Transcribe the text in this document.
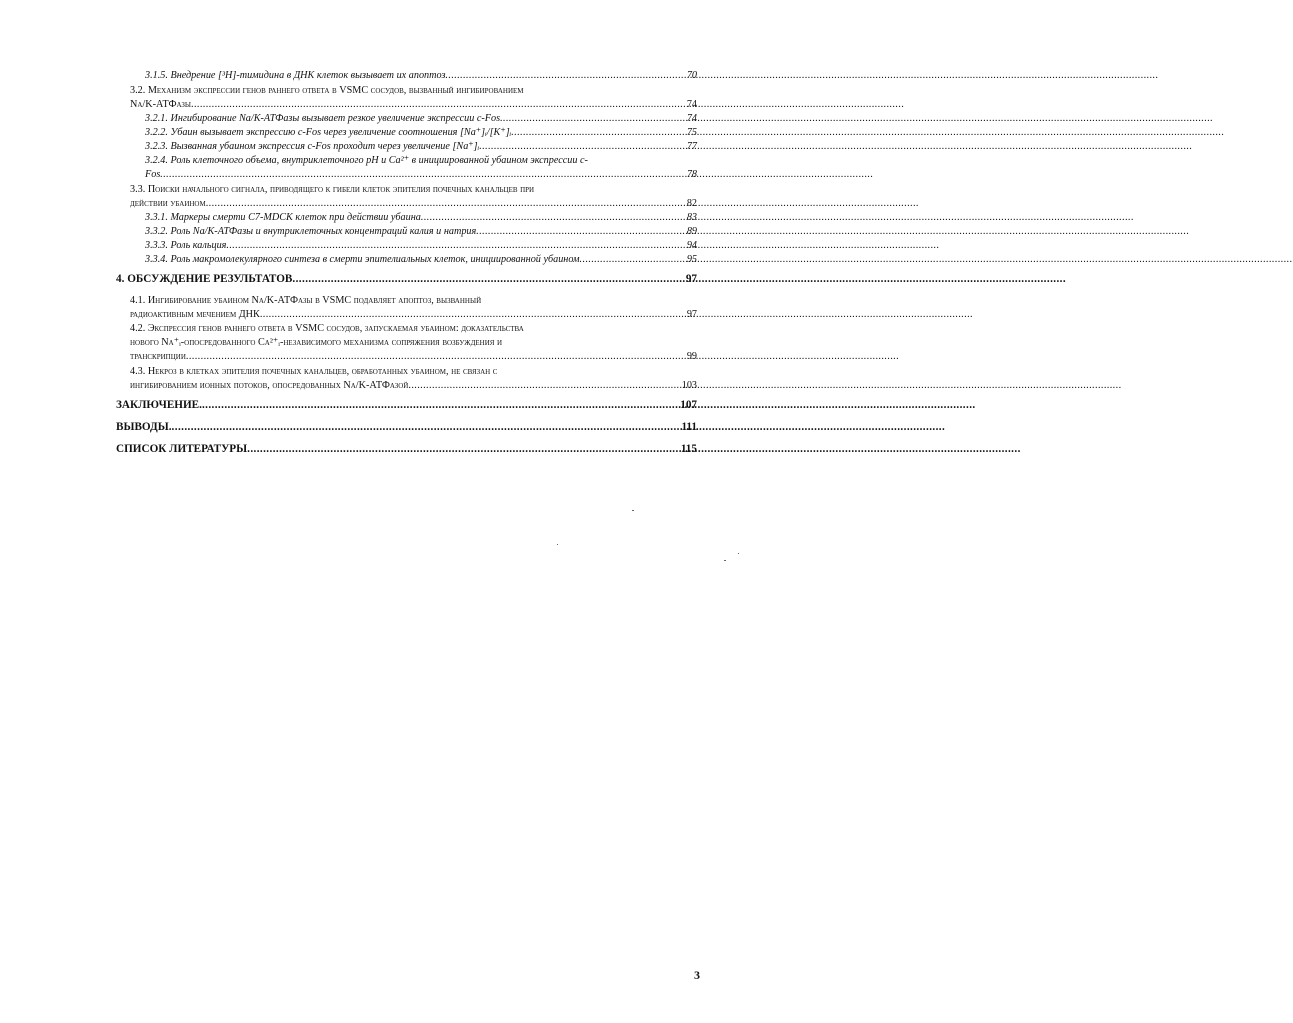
3.1.5. Внедрение [³H]-тимидина в ДНК клеток вызывает их апоптоз .....	70
3.2. Механизм экспрессии генов раннего ответа в VSMC сосудов, вызванный ингибированием
Na/K-АТФазы .....	74
3.2.1. Ингибирование Na/K-АТФазы вызывает резкое увеличение экспрессии c-Fos .....	74
3.2.2. Убаин вызывает экспрессию c-Fos через увеличение соотношения [Na⁺]ᵢ/[K⁺]ᵢ .....	75
3.2.3. Вызванная убаином экспрессия c-Fos проходит через увеличение [Na⁺]ᵢ .....	77
3.2.4. Роль клеточного объема, внутриклеточного pH и Ca²⁺ в инициированной убаином экспрессии c-
Fos .....	78
3.3. Поиски начального сигнала, приводящего к гибели клеток эпителия почечных канальцев при
действии убаином .....	82
3.3.1. Маркеры смерти C7-MDCK клеток при действии убаина .....	83
3.3.2. Роль Na/K-АТФазы и внутриклеточных концентраций калия и натрия .....	89
3.3.3. Роль кальция .....	94
3.3.4. Роль макромолекулярного синтеза в смерти эпителиальных клеток, инициированной убаином .....	95
4. ОБСУЖДЕНИЕ РЕЗУЛЬТАТОВ .....	97
4.1. Ингибирование убаином Na/K-АТФазы в VSMC подавляет апоптоз, вызванный
радиоактивным мечением ДНК .....	97
4.2. Экспрессия генов раннего ответа в VSMC сосудов, запускаемая убаином: доказательства
нового Na⁺ᵢ-опосредованного Ca²⁺ᵢ-независимого механизма сопряжения возбуждения и
транскрипции .....	99
4.3. Некроз в клетках эпителия почечных канальцев, обработанных убаином, не связан с
ингибированием ионных потоков, опосредованных Na/K-АТФазой .....	103
ЗАКЛЮЧЕНИЕ. .....	107
ВЫВОДЫ. .....	111
СПИСОК ЛИТЕРАТУРЫ .....	115
3
